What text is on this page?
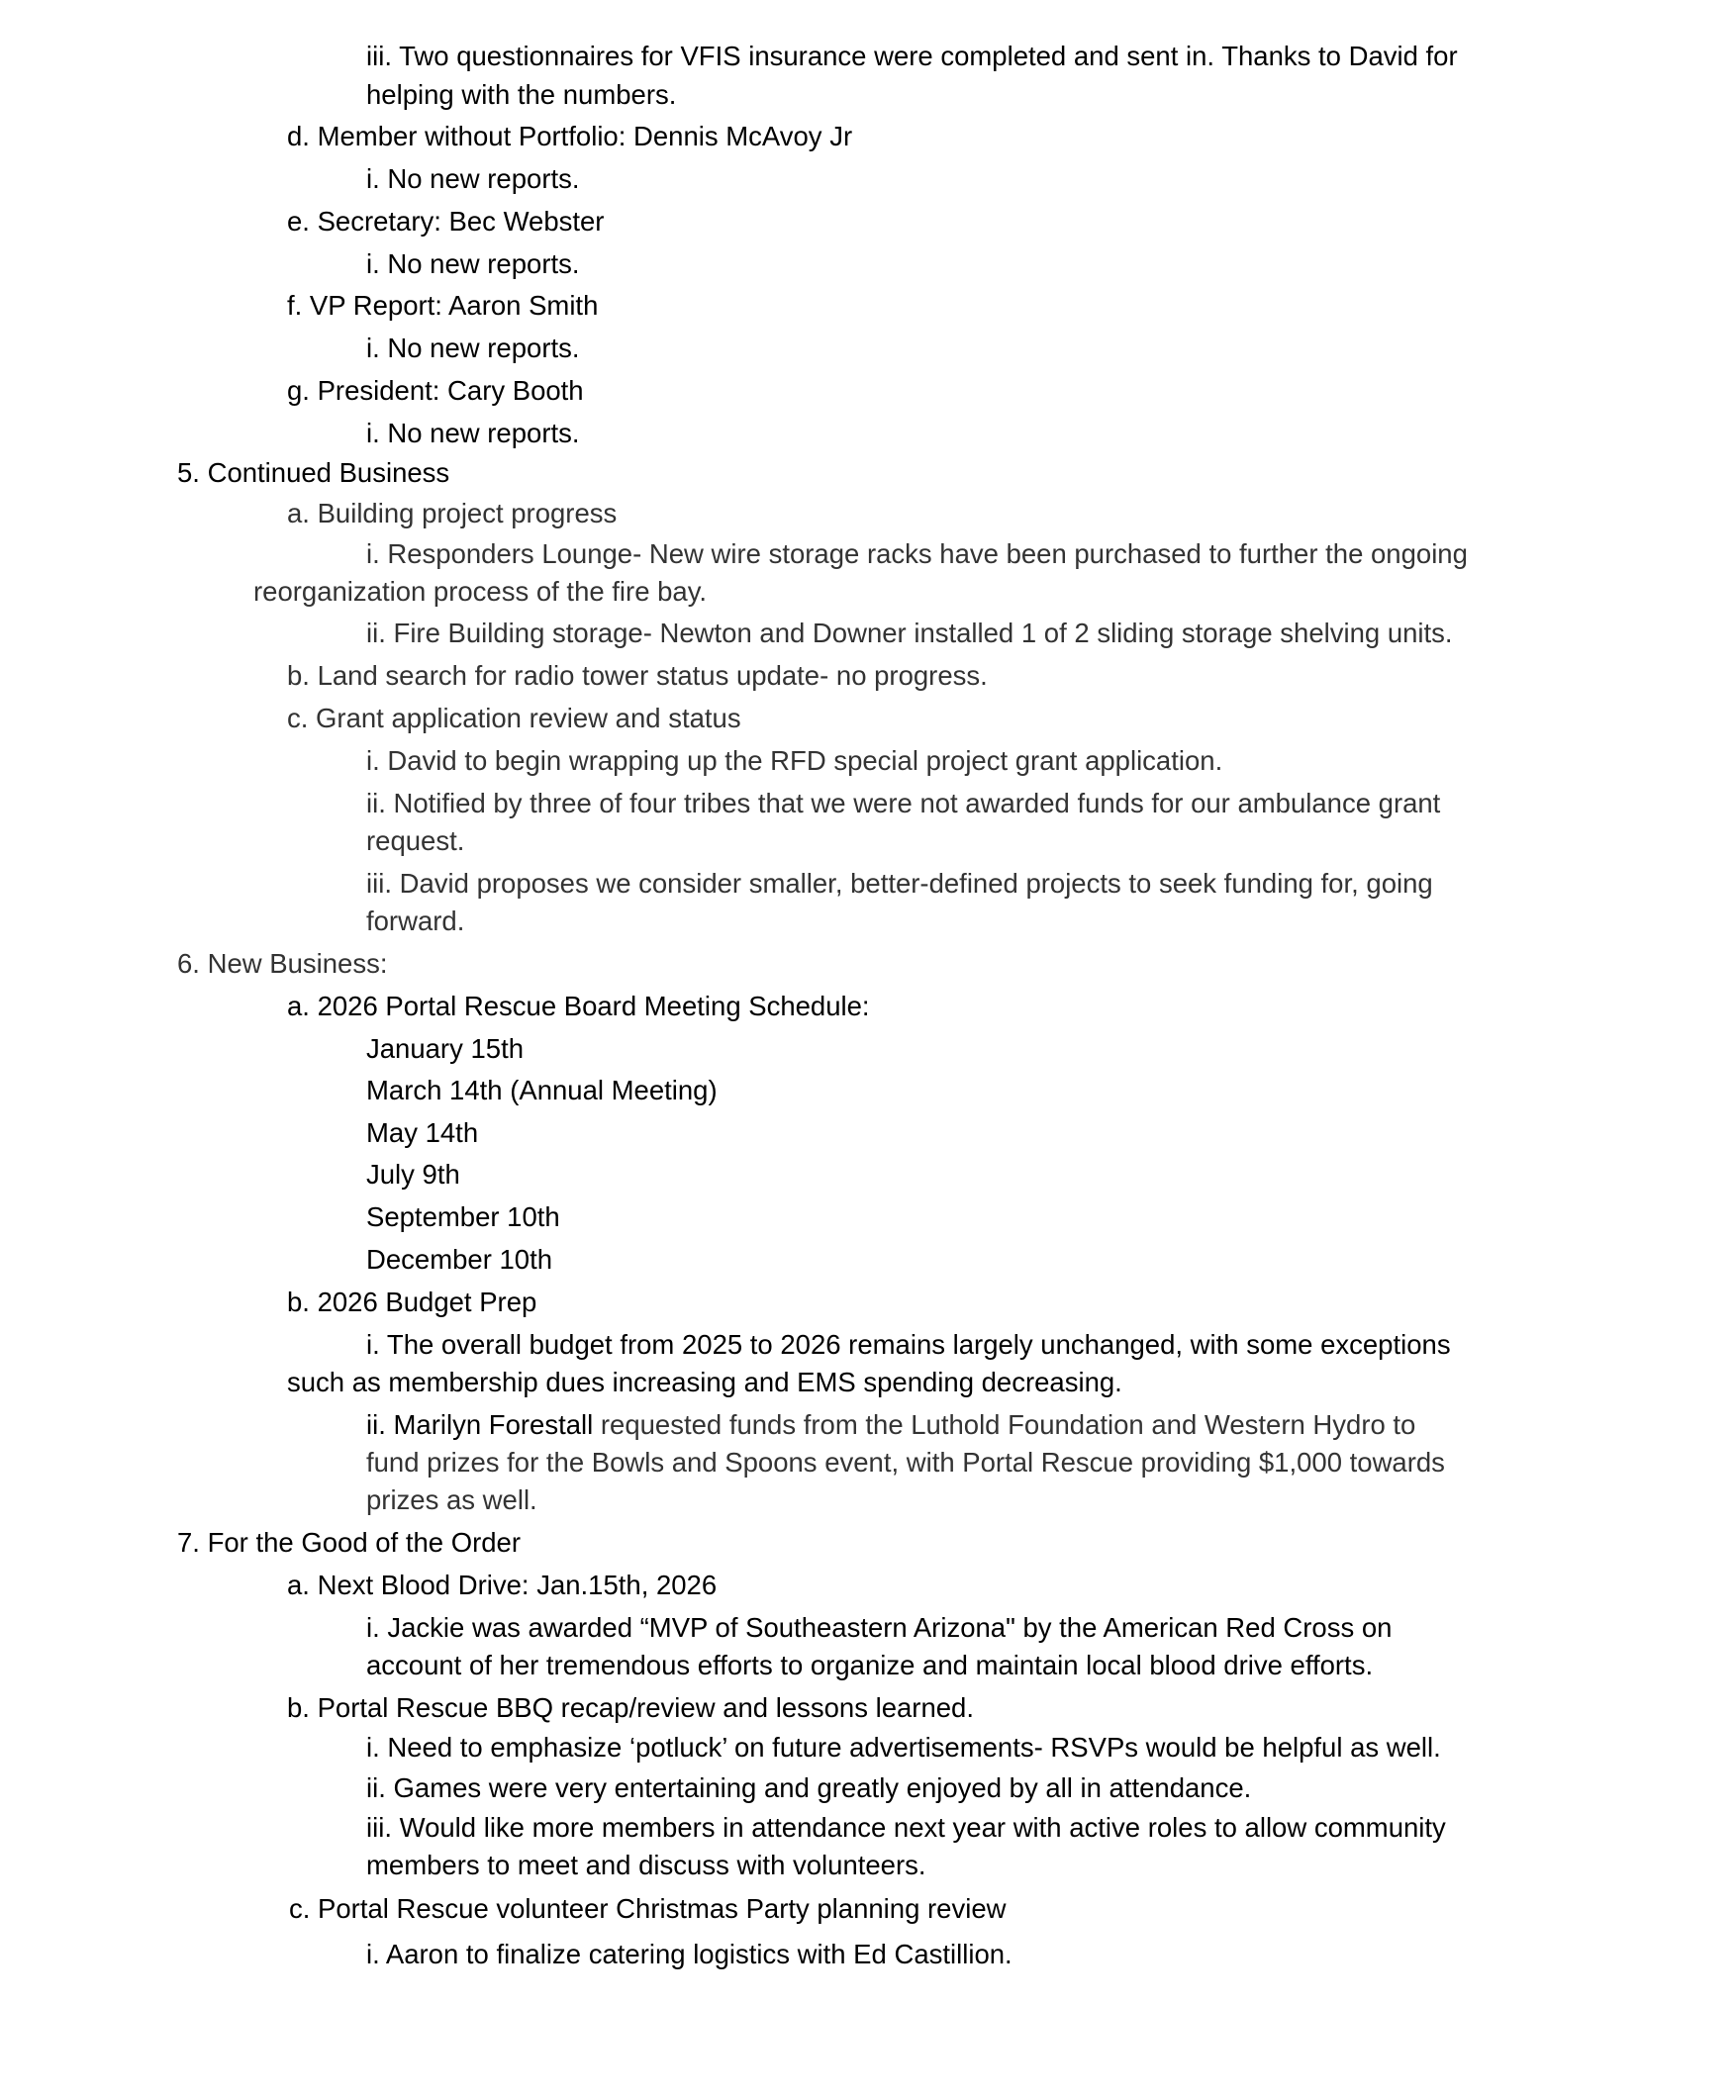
iii. Two questionnaires for VFIS insurance were completed and sent in. Thanks to David for
helping with the numbers.
d. Member without Portfolio: Dennis McAvoy Jr
i. No new reports.
e. Secretary: Bec Webster
i. No new reports.
f. VP Report: Aaron Smith
i. No new reports.
g. President: Cary Booth
i. No new reports.
5. Continued Business
a. Building project progress
i. Responders Lounge- New wire storage racks have been purchased to further the ongoing
reorganization process of the fire bay.
ii. Fire Building storage- Newton and Downer installed 1 of 2 sliding storage shelving units.
b. Land search for radio tower status update- no progress.
c. Grant application review and status
i. David to begin wrapping up the RFD special project grant application.
ii. Notified by three of four tribes that we were not awarded funds for our ambulance grant
request.
iii. David proposes we consider smaller, better-defined projects to seek funding for, going
forward.
6. New Business:
a. 2026 Portal Rescue Board Meeting Schedule:
January 15th
March 14th (Annual Meeting)
May 14th
July 9th
September 10th
December 10th
b. 2026 Budget Prep
i. The overall budget from 2025 to 2026 remains largely unchanged, with some exceptions
such as membership dues increasing and EMS spending decreasing.
ii. Marilyn Forestall requested funds from the Luthold Foundation and Western Hydro to
fund prizes for the Bowls and Spoons event, with Portal Rescue providing $1,000 towards
prizes as well.
7. For the Good of the Order
a. Next Blood Drive: Jan.15th, 2026
i. Jackie was awarded “MVP of Southeastern Arizona" by the American Red Cross on
account of her tremendous efforts to organize and maintain local blood drive efforts.
b. Portal Rescue BBQ recap/review and lessons learned.
i. Need to emphasize ‘potluck’ on future advertisements- RSVPs would be helpful as well.
ii. Games were very entertaining and greatly enjoyed by all in attendance.
iii. Would like more members in attendance next year with active roles to allow community
members to meet and discuss with volunteers.
c. Portal Rescue volunteer Christmas Party planning review
i. Aaron to finalize catering logistics with Ed Castillion.
